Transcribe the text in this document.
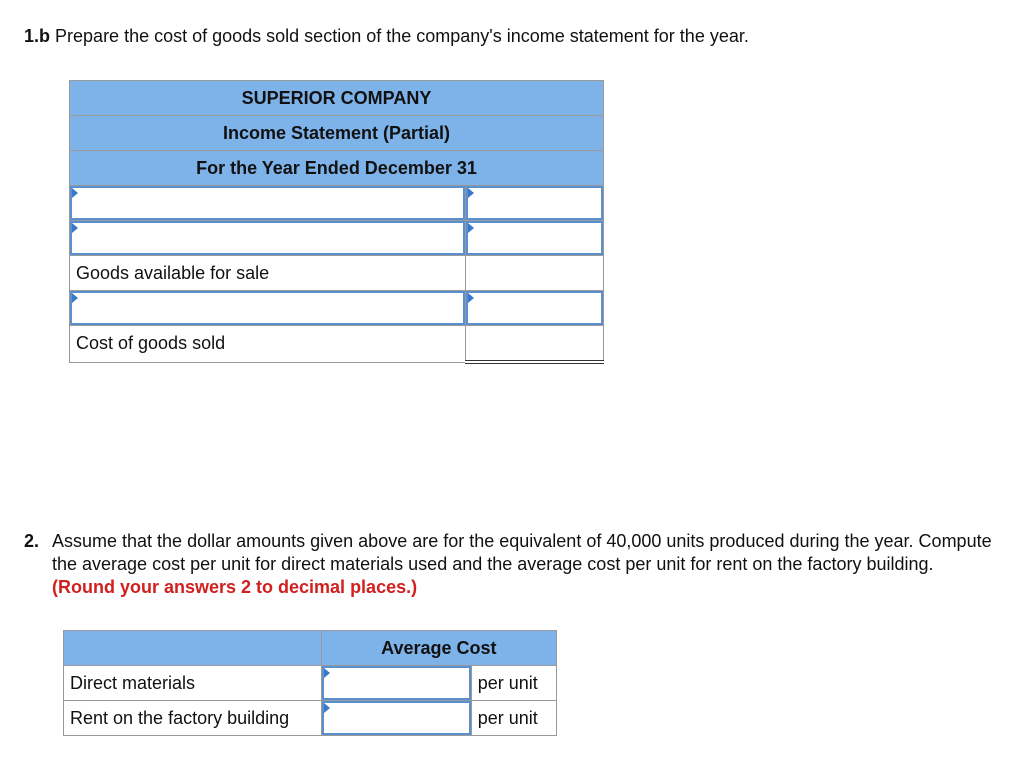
1.b Prepare the cost of goods sold section of the company's income statement for the year.
SUPERIOR COMPANY	
Income Statement (Partial)	
For the Year Ended December 31	

Goods available for sale	

Cost of goods sold	
2. Assume that the dollar amounts given above are for the equivalent of 40,000 units produced during the year. Compute the average cost per unit for direct materials used and the average cost per unit for rent on the factory building. (Round your answers 2 to decimal places.)
	Average Cost	
Direct materials		per unit
Rent on the factory building		per unit
